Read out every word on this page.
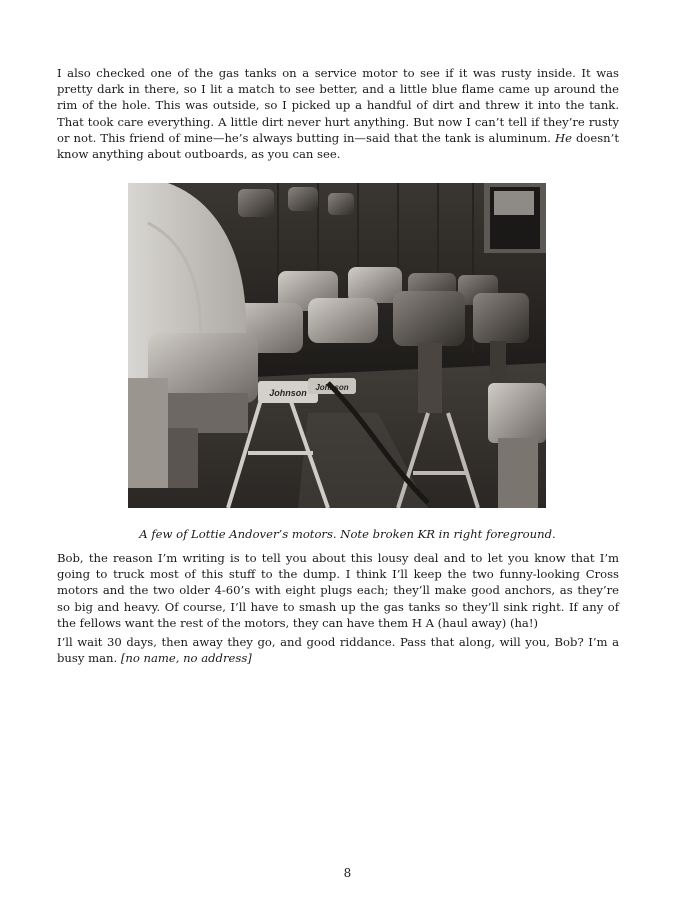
I also checked one of the gas tanks on a service motor to see if it was rusty inside. It was pretty dark in there, so I lit a match to see better, and a little blue flame came up around the rim of the hole. This was outside, so I picked up a handful of dirt and threw it into the tank. That took care everything. A little dirt never hurt anything. But now I can’t tell if they’re rusty or not. This friend of mine—he’s always butting in—said that the tank is aluminum. He doesn’t know anything about outboards, as you can see.

Johnson
Johnson

A few of Lottie Andover’s motors. Note broken KR in right foreground.

Bob, the reason I’m writing is to tell you about this lousy deal and to let you know that I’m going to truck most of this stuff to the dump. I think I’ll keep the two funny-looking Cross motors and the two older 4-60’s with eight plugs each; they’ll make good anchors, as they’re so big and heavy. Of course, I’ll have to smash up the gas tanks so they’ll sink right. If any of the fellows want the rest of the motors, they can have them H A (haul away) (ha!)

I’ll wait 30 days, then away they go, and good riddance. Pass that along, will you, Bob? I’m a busy man. [no name, no address]

8
